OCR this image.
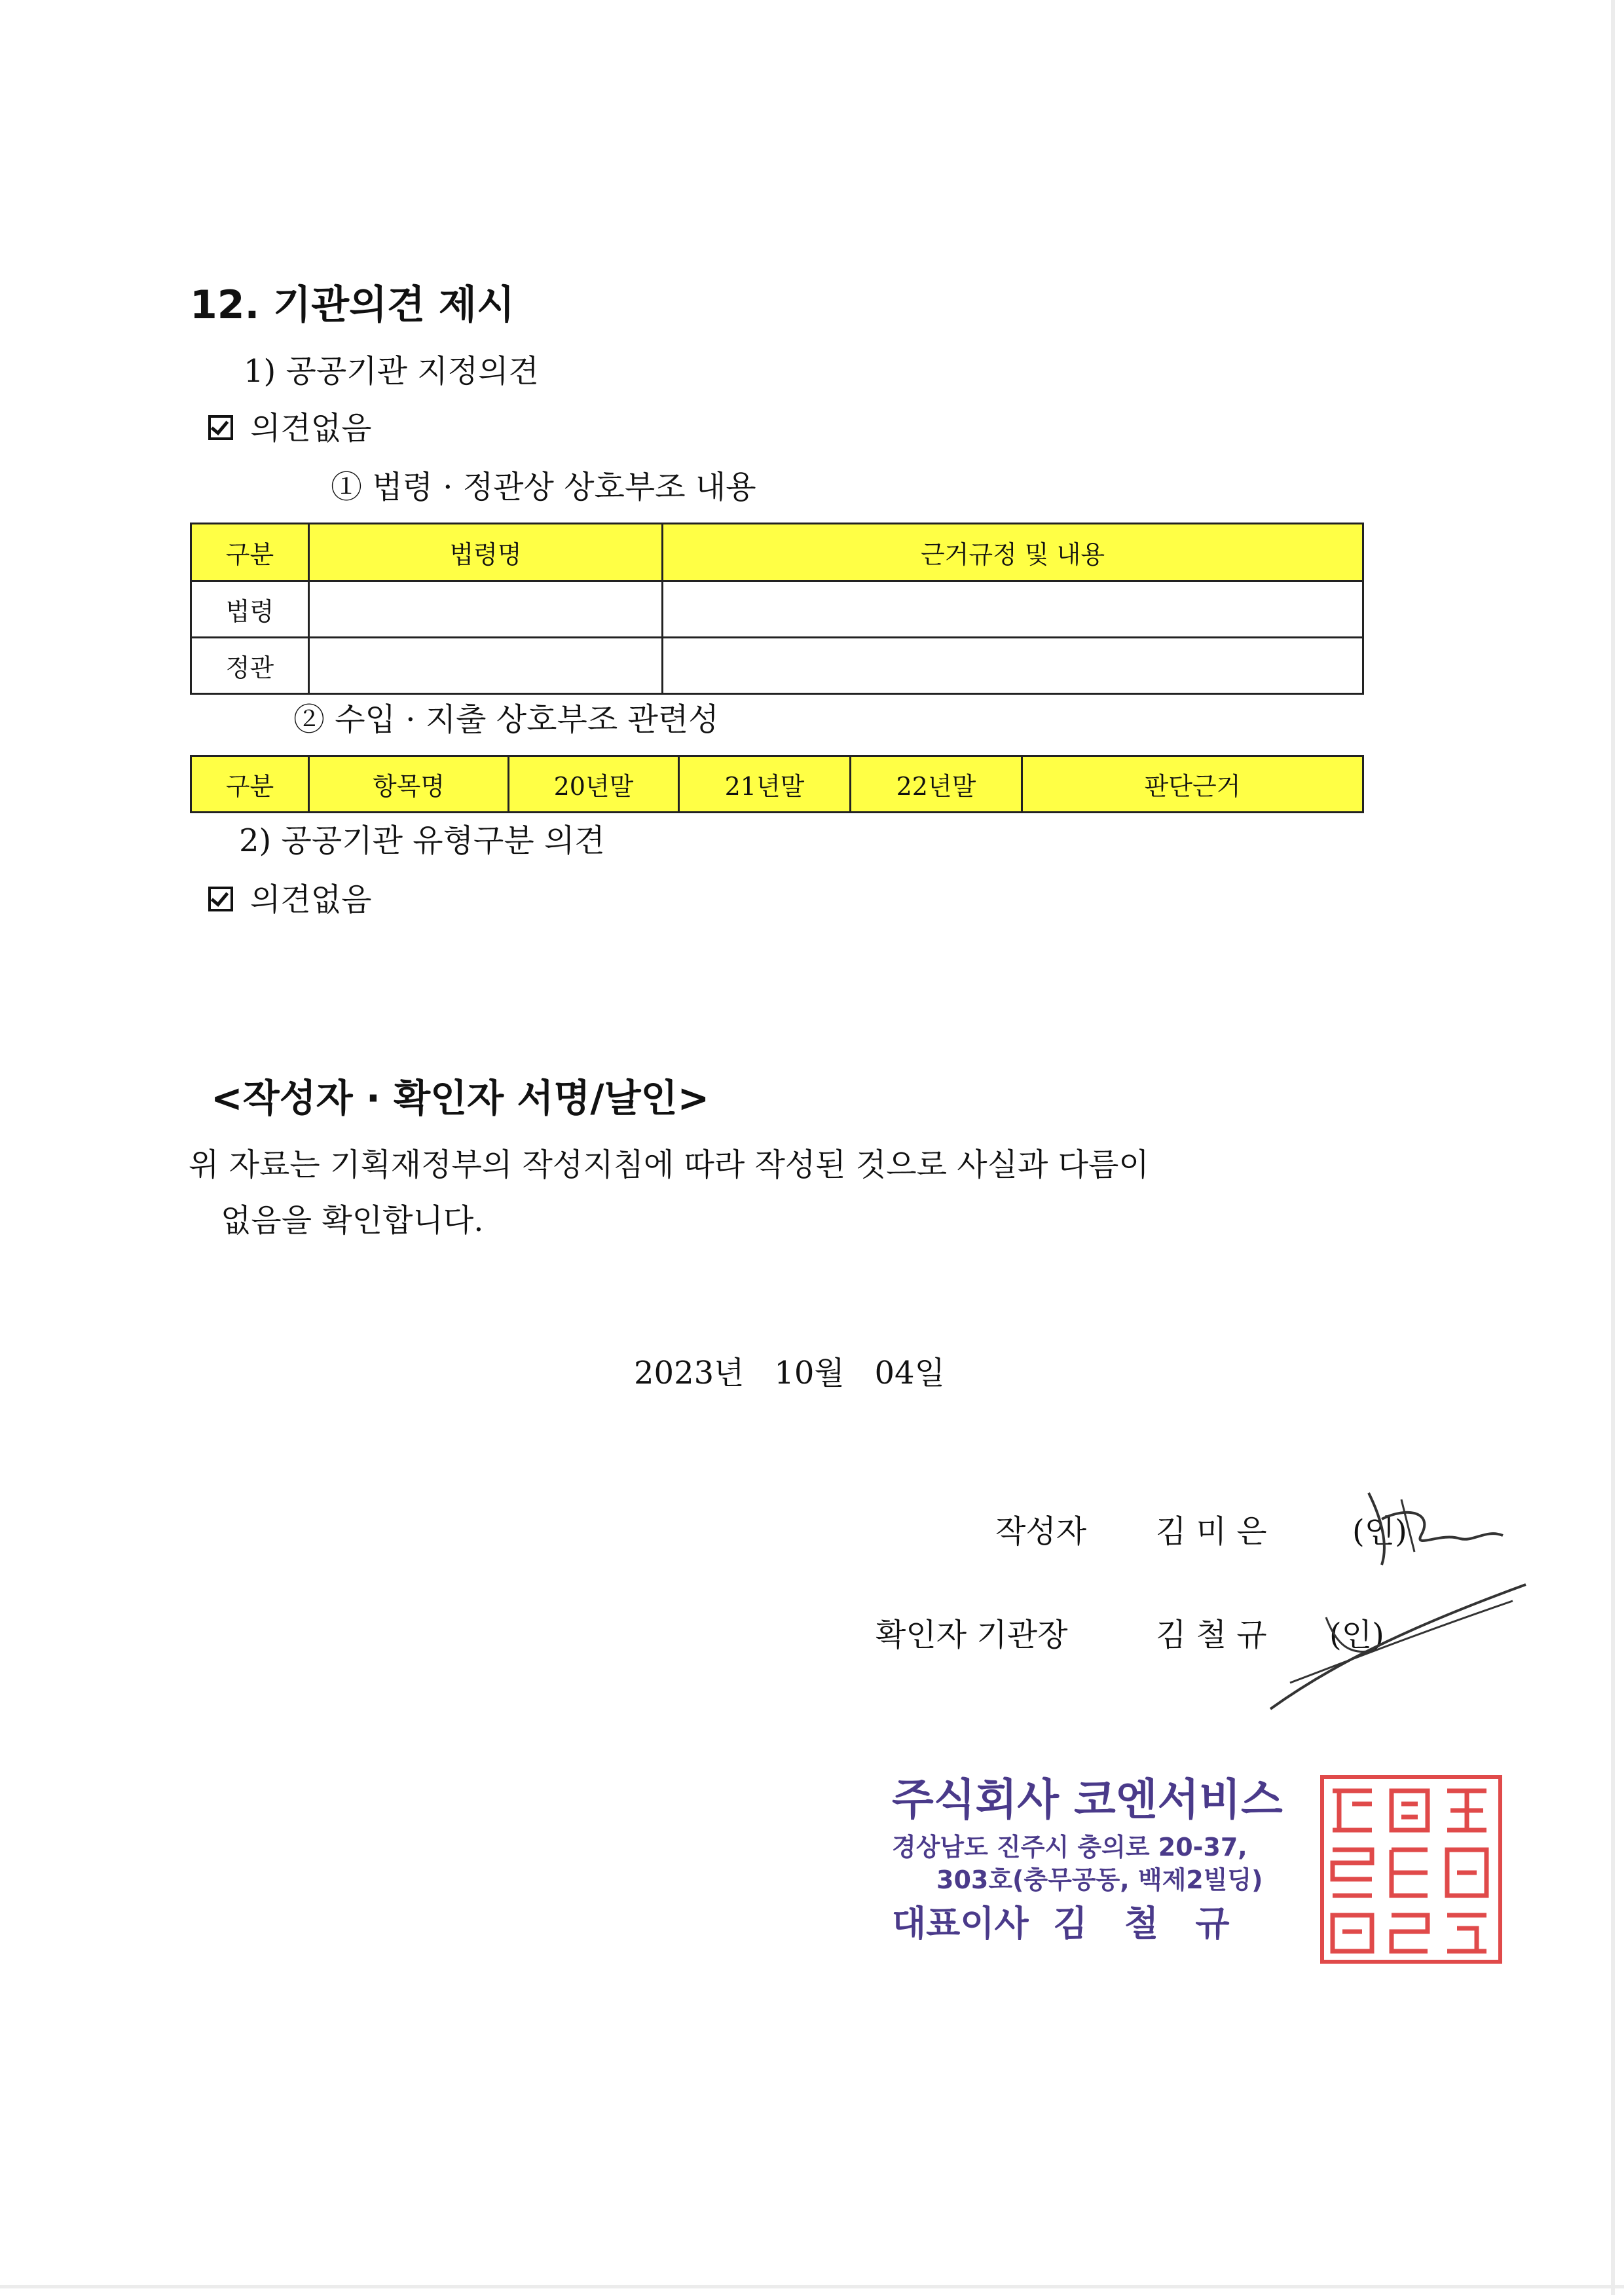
12. 기관의견 제시
1) 공공기관 지정의견
의견없음
① 법령 · 정관상 상호부조 내용
구분	법령명	근거규정 및 내용
법령		
정관		
② 수입 · 지출 상호부조 관련성
구분	항목명	20년말	21년말	22년말	판단근거
2) 공공기관 유형구분 의견
의견없음
<작성자 · 확인자 서명/날인>
위 자료는 기획재정부의 작성지침에 따라 작성된 것으로 사실과 다름이
없음을 확인합니다.
2023년   10월   04일
작성자 김 미 은	(인)
확인자 기관장	김 철 규 (인)
주식회사 코엔서비스
경상남도 진주시 충의로 20-37,
303호(충무공동, 백제2빌딩)
대표이사  김   철   규
